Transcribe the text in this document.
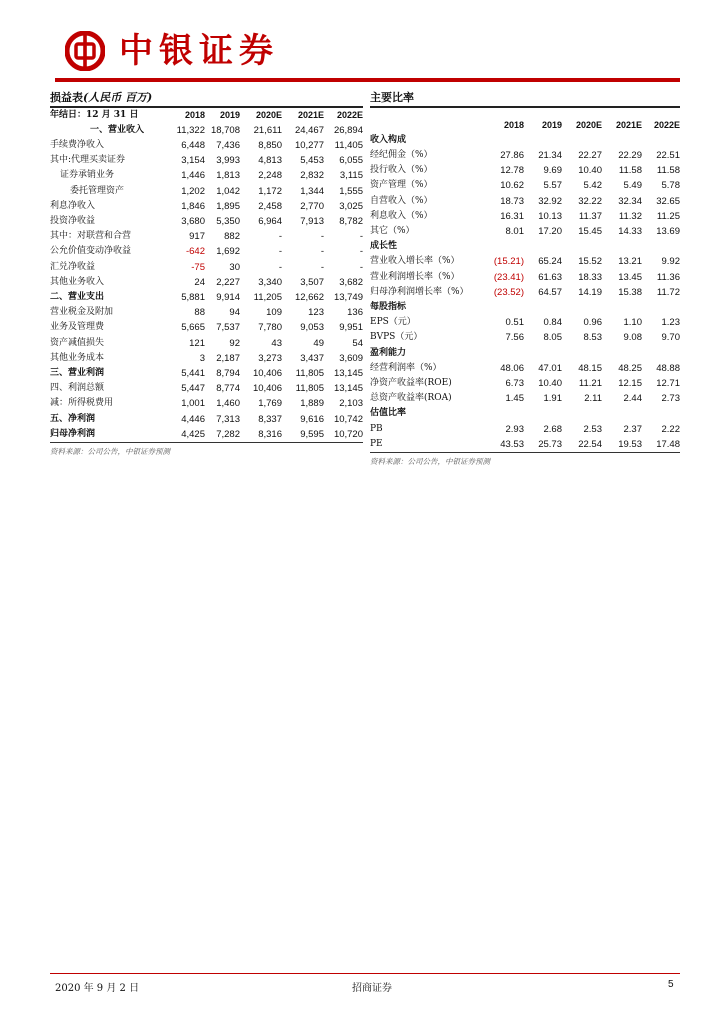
中银证券
损益表(人民币 百万)
年结日：12 月 31 日	2018	2019	2020E	2021E	2022E
一、营业收入	11,322	18,708	21,611	24,467	26,894
手续费净收入	6,448	7,436	8,850	10,277	11,405
其中:代理买卖证券	3,154	3,993	4,813	5,453	6,055
证券承销业务	1,446	1,813	2,248	2,832	3,115
委托管理资产	1,202	1,042	1,172	1,344	1,555
利息净收入	1,846	1,895	2,458	2,770	3,025
投资净收益	3,680	5,350	6,964	7,913	8,782
其中：对联营和合营	917	882	-	-	-
公允价值变动净收益	-642	1,692	-	-	-
汇兑净收益	-75	30	-	-	-
其他业务收入	24	2,227	3,340	3,507	3,682
二、营业支出	5,881	9,914	11,205	12,662	13,749
营业税金及附加	88	94	109	123	136
业务及管理费	5,665	7,537	7,780	9,053	9,951
资产减值损失	121	92	43	49	54
其他业务成本	3	2,187	3,273	3,437	3,609
三、营业利润	5,441	8,794	10,406	11,805	13,145
四、利润总额	5,447	8,774	10,406	11,805	13,145
减：所得税费用	1,001	1,460	1,769	1,889	2,103
五、净利润	4,446	7,313	8,337	9,616	10,742
归母净利润	4,425	7,282	8,316	9,595	10,720
资料来源：公司公告，中银证券预测
主要比率

	2018	2019	2020E	2021E	2022E
收入构成					
经纪佣金（%）	27.86	21.34	22.27	22.29	22.51
投行收入（%）	12.78	9.69	10.40	11.58	11.58
资产管理（%）	10.62	5.57	5.42	5.49	5.78
自营收入（%）	18.73	32.92	32.22	32.34	32.65
利息收入（%）	16.31	10.13	11.37	11.32	11.25
其它（%）	8.01	17.20	15.45	14.33	13.69
成长性					
营业收入增长率（%）	(15.21)	65.24	15.52	13.21	9.92
营业利润增长率（%）	(23.41)	61.63	18.33	13.45	11.36
归母净利润增长率（%）	(23.52)	64.57	14.19	15.38	11.72
每股指标					
EPS（元）	0.51	0.84	0.96	1.10	1.23
BVPS（元）	7.56	8.05	8.53	9.08	9.70
盈利能力					
经营利润率（%）	48.06	47.01	48.15	48.25	48.88
净资产收益率(ROE)	6.73	10.40	11.21	12.15	12.71
总资产收益率(ROA)	1.45	1.91	2.11	2.44	2.73
估值比率					
PB	2.93	2.68	2.53	2.37	2.22
PE	43.53	25.73	22.54	19.53	17.48
资料来源：公司公告，中银证券预测
2020 年 9 月 2 日	招商证券	5
